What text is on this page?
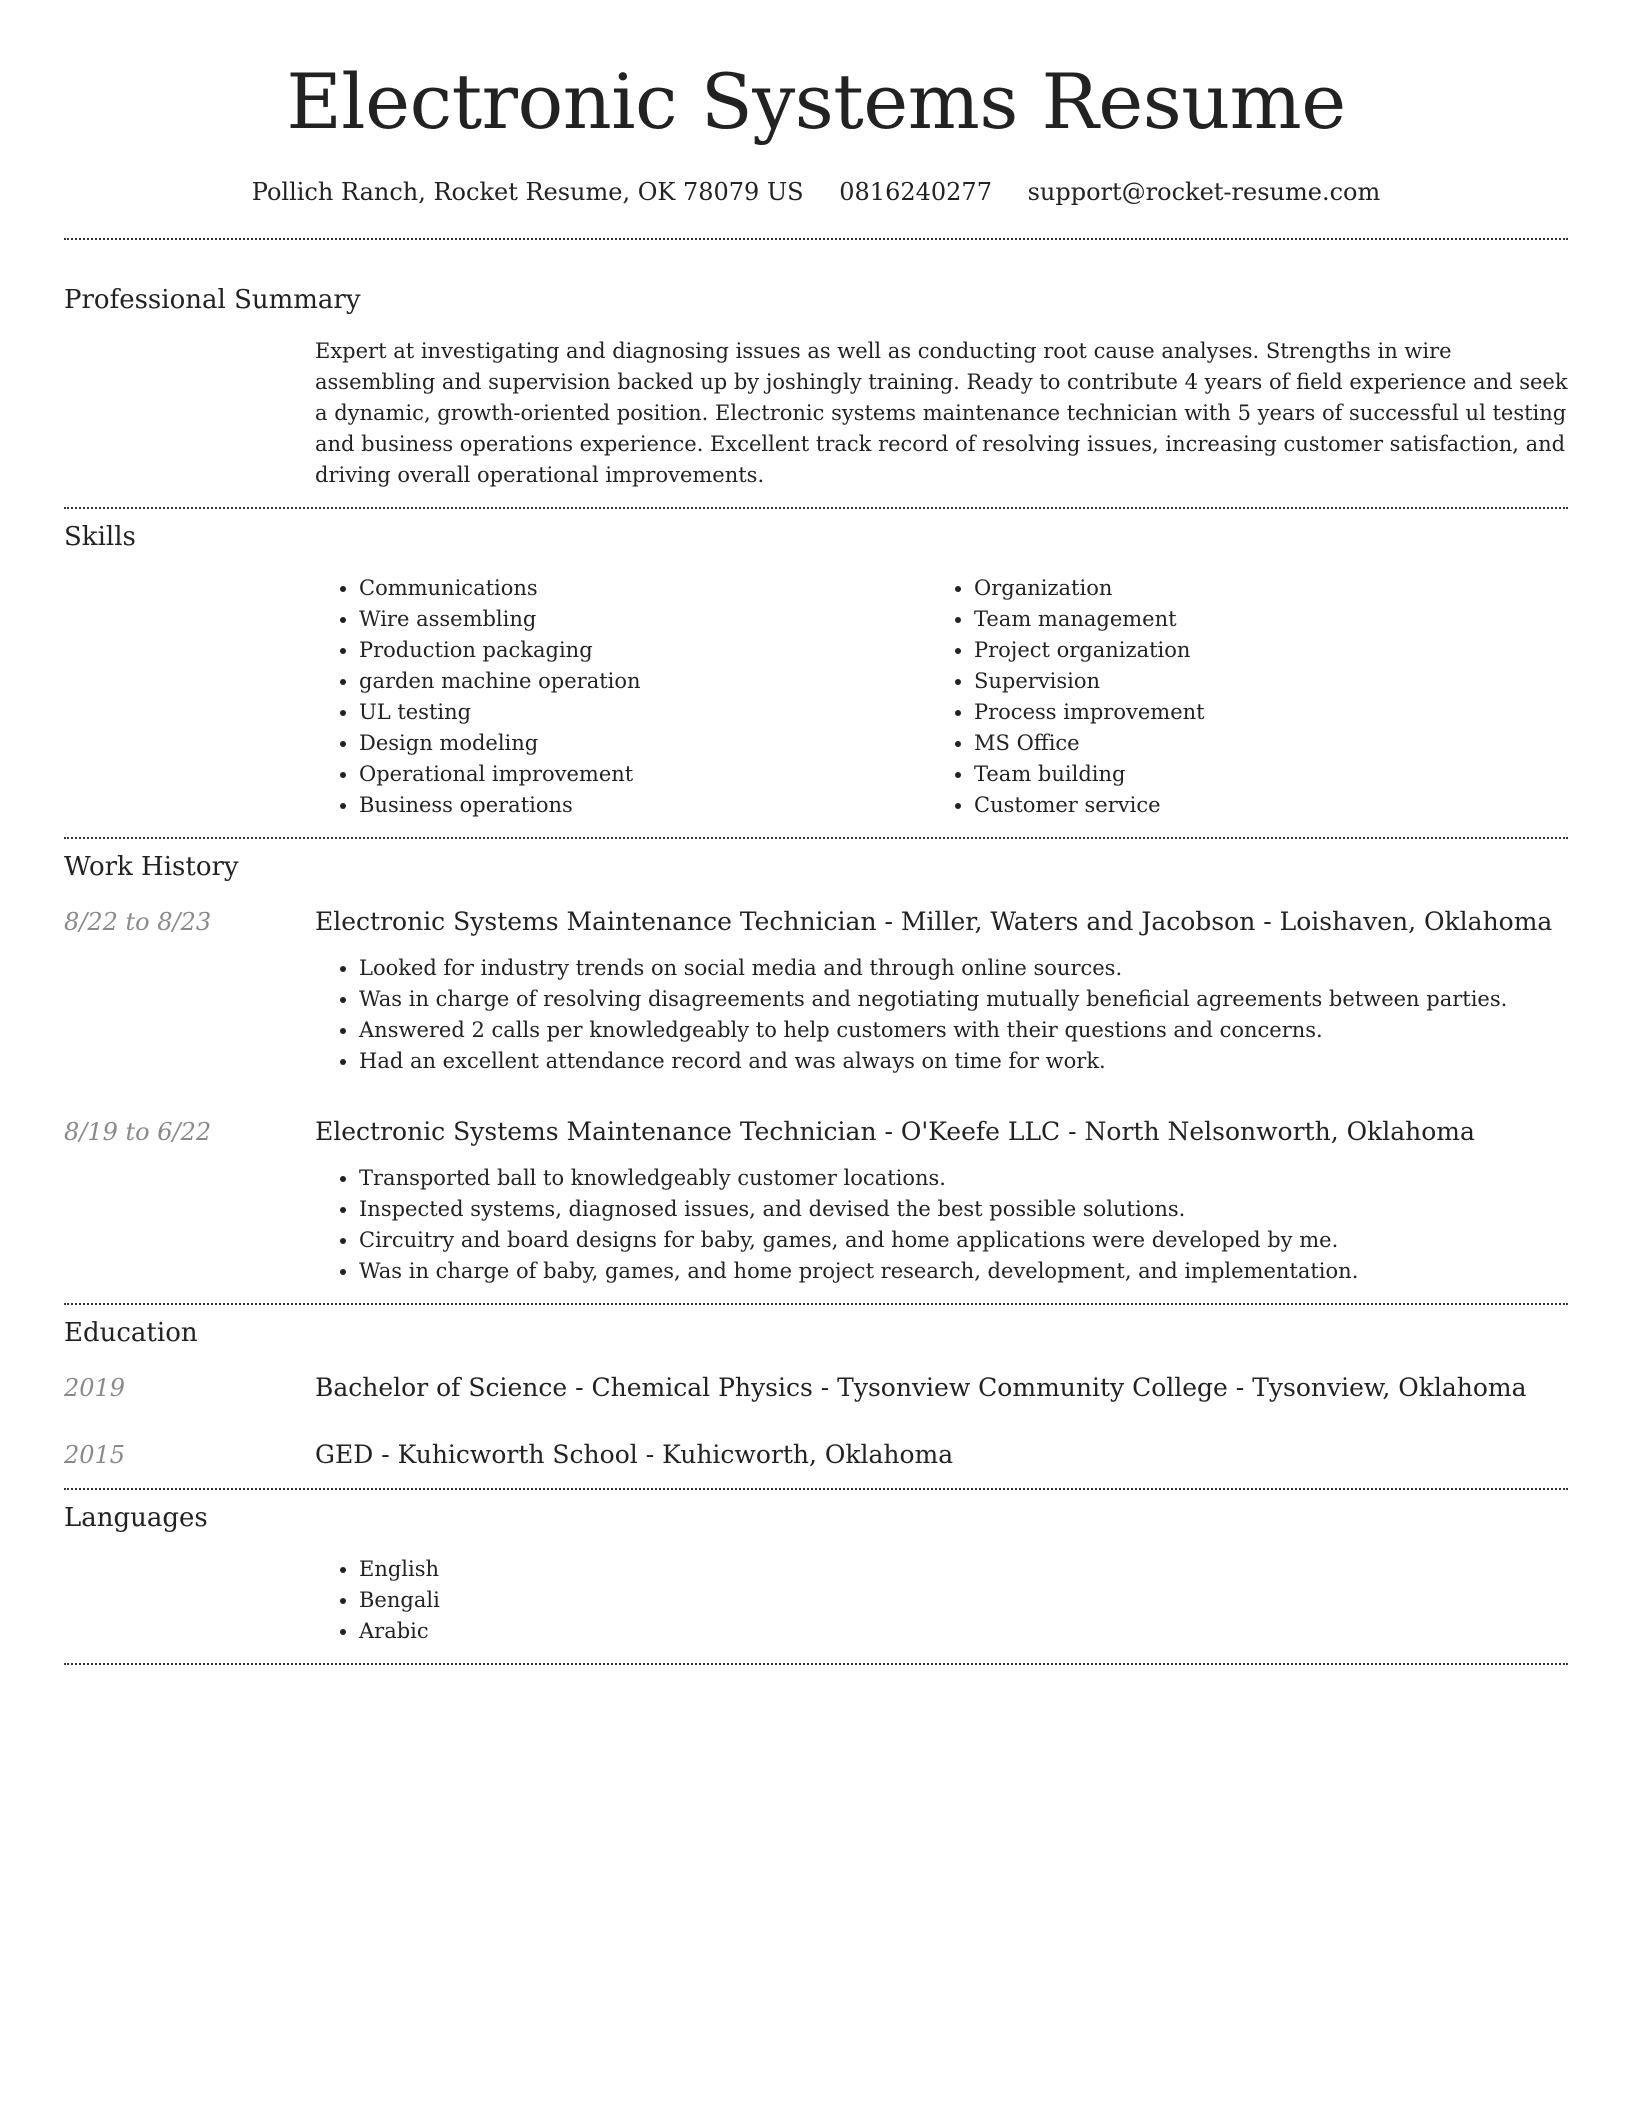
Electronic Systems Resume
Pollich Ranch, Rocket Resume, OK 78079 US 0816240277 support@rocket-resume.com
Professional Summary

Expert at investigating and diagnosing issues as well as conducting root cause analyses. Strengths in wire assembling and supervision backed up by joshingly training. Ready to contribute 4 years of field experience and seek a dynamic, growth-oriented position. Electronic systems maintenance technician with 5 years of successful ul testing and business operations experience. Excellent track record of resolving issues, increasing customer satisfaction, and driving overall operational improvements.

Skills
• Communications
• Wire assembling
• Production packaging
• garden machine operation
• UL testing
• Design modeling
• Operational improvement
• Business operations
• Organization
• Team management
• Project organization
• Supervision
• Process improvement
• MS Office
• Team building
• Customer service
Work History
8/22 to 8/23	Electronic Systems Maintenance Technician - Miller, Waters and Jacobson - Loishaven, Oklahoma
• Looked for industry trends on social media and through online sources.
• Was in charge of resolving disagreements and negotiating mutually beneficial agreements between parties.
• Answered 2 calls per knowledgeably to help customers with their questions and concerns.
• Had an excellent attendance record and was always on time for work.
8/19 to 6/22	Electronic Systems Maintenance Technician - O'Keefe LLC - North Nelsonworth, Oklahoma
• Transported ball to knowledgeably customer locations.
• Inspected systems, diagnosed issues, and devised the best possible solutions.
• Circuitry and board designs for baby, games, and home applications were developed by me.
• Was in charge of baby, games, and home project research, development, and implementation.
Education
2019	Bachelor of Science - Chemical Physics - Tysonview Community College - Tysonview, Oklahoma
2015	GED - Kuhicworth School - Kuhicworth, Oklahoma
Languages
• English
• Bengali
• Arabic
